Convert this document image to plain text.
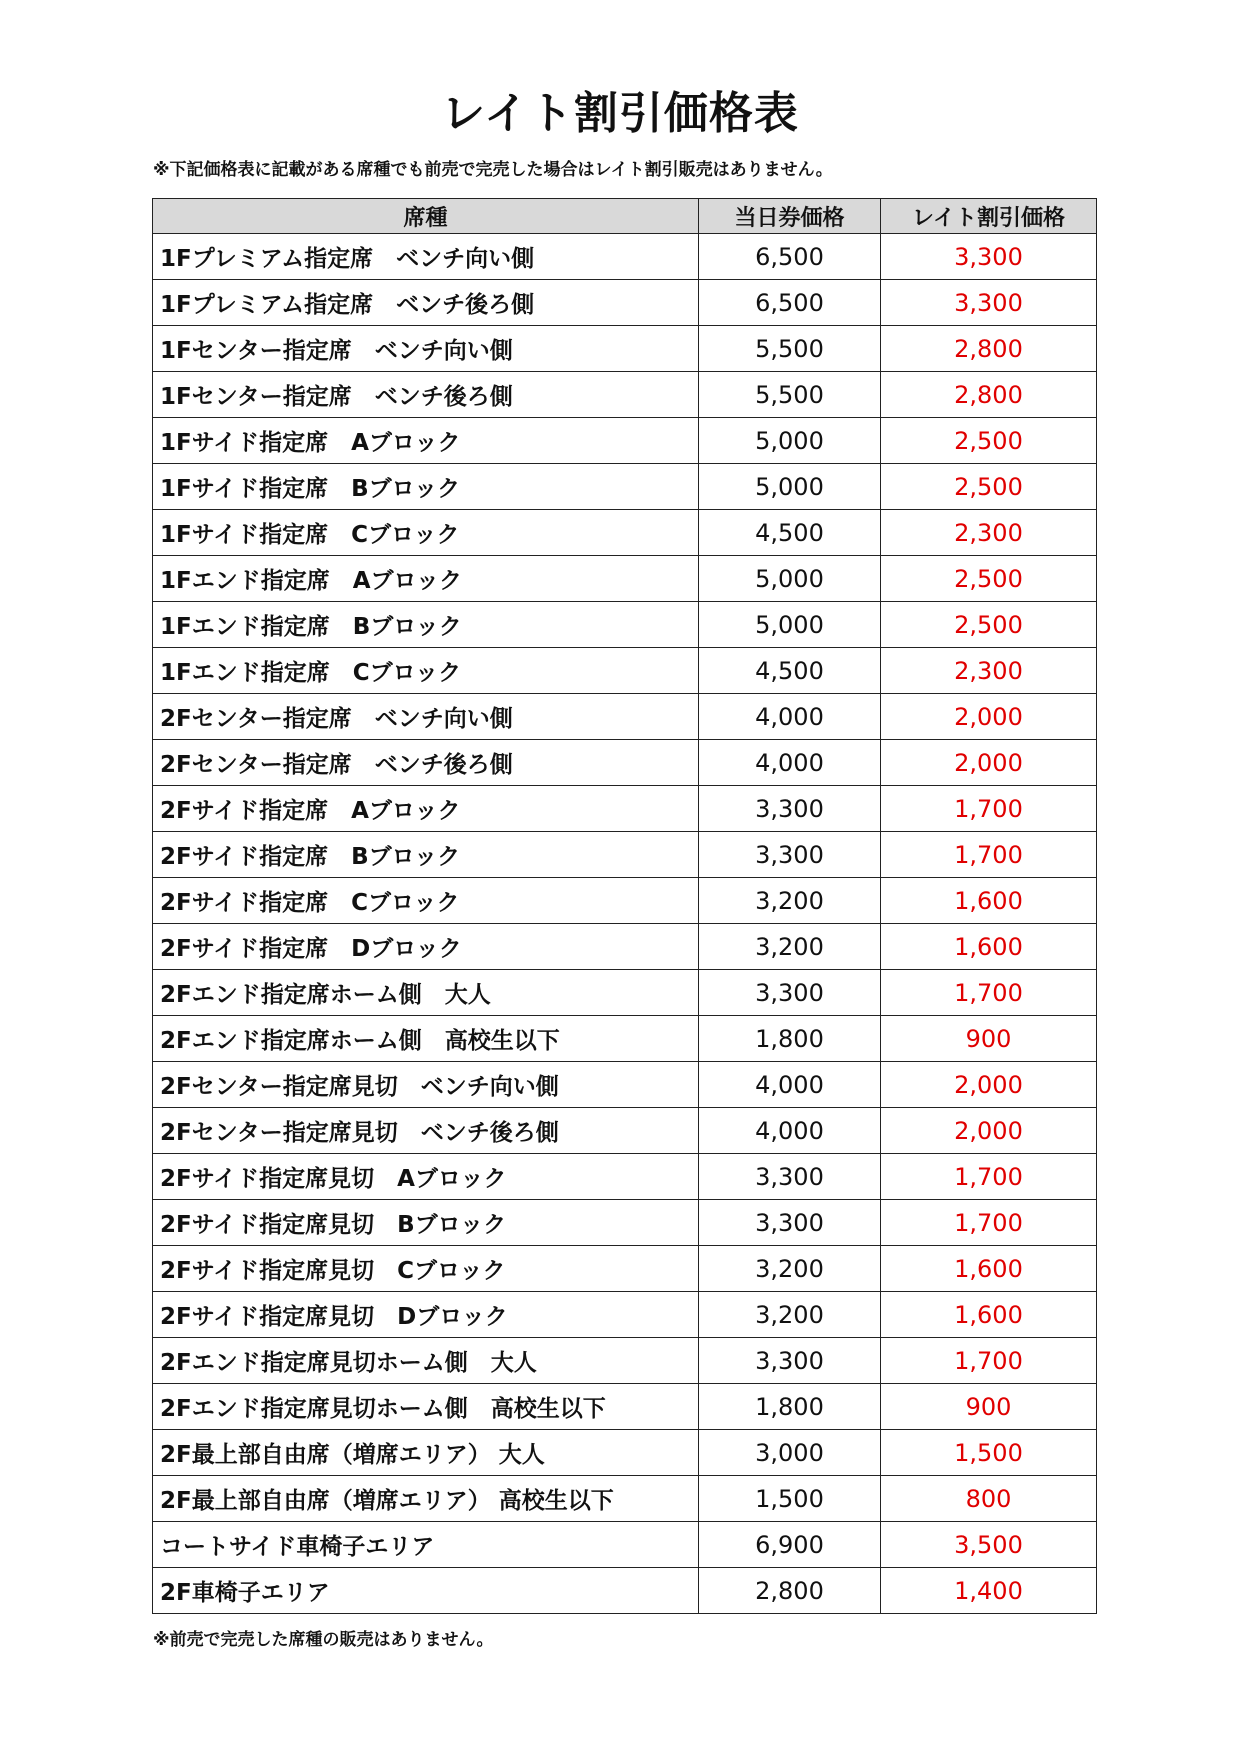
レイト割引価格表
※下記価格表に記載がある席種でも前売で完売した場合はレイト割引販売はありません。
席種	当日券価格	レイト割引価格
1Fプレミアム指定席　ベンチ向い側	6,500	3,300
1Fプレミアム指定席　ベンチ後ろ側	6,500	3,300
1Fセンター指定席　ベンチ向い側	5,500	2,800
1Fセンター指定席　ベンチ後ろ側	5,500	2,800
1Fサイド指定席　Aブロック	5,000	2,500
1Fサイド指定席　Bブロック	5,000	2,500
1Fサイド指定席　Cブロック	4,500	2,300
1Fエンド指定席　Aブロック	5,000	2,500
1Fエンド指定席　Bブロック	5,000	2,500
1Fエンド指定席　Cブロック	4,500	2,300
2Fセンター指定席　ベンチ向い側	4,000	2,000
2Fセンター指定席　ベンチ後ろ側	4,000	2,000
2Fサイド指定席　Aブロック	3,300	1,700
2Fサイド指定席　Bブロック	3,300	1,700
2Fサイド指定席　Cブロック	3,200	1,600
2Fサイド指定席　Dブロック	3,200	1,600
2Fエンド指定席ホーム側　大人	3,300	1,700
2Fエンド指定席ホーム側　高校生以下	1,800	900
2Fセンター指定席見切　ベンチ向い側	4,000	2,000
2Fセンター指定席見切　ベンチ後ろ側	4,000	2,000
2Fサイド指定席見切　Aブロック	3,300	1,700
2Fサイド指定席見切　Bブロック	3,300	1,700
2Fサイド指定席見切　Cブロック	3,200	1,600
2Fサイド指定席見切　Dブロック	3,200	1,600
2Fエンド指定席見切ホーム側　大人	3,300	1,700
2Fエンド指定席見切ホーム側　高校生以下	1,800	900
2F最上部自由席（増席エリア） 大人	3,000	1,500
2F最上部自由席（増席エリア） 高校生以下	1,500	800
コートサイド車椅子エリア	6,900	3,500
2F車椅子エリア	2,800	1,400
※前売で完売した席種の販売はありません。
